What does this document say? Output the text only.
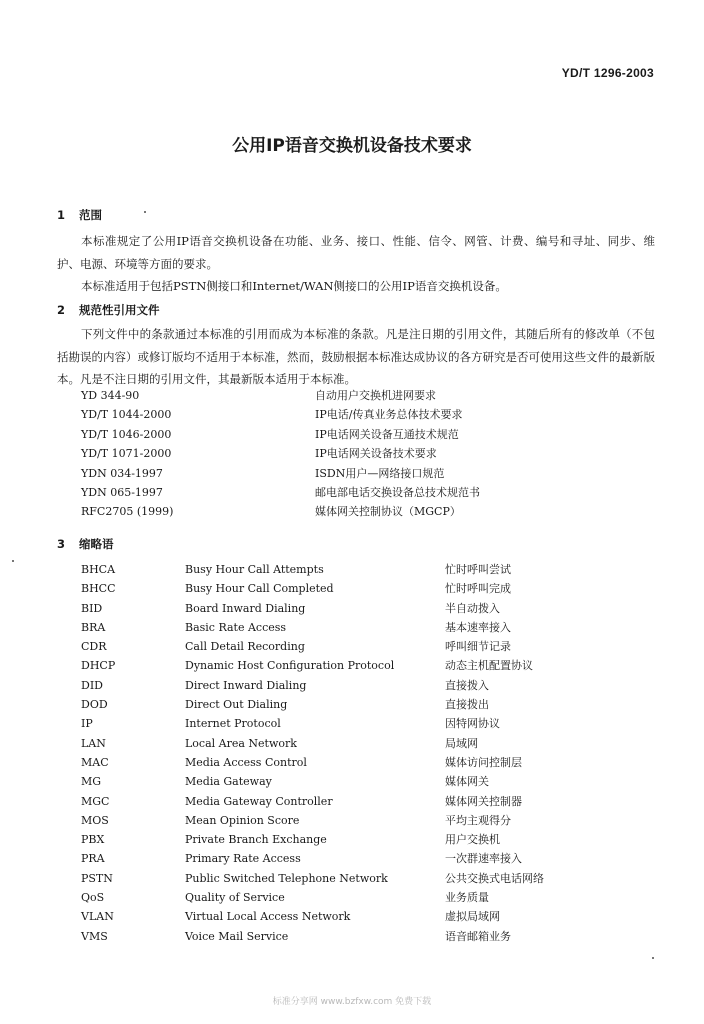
YD/T 1296-2003
公用IP语音交换机设备技术要求
1 范围

本标准规定了公用IP语音交换机设备在功能、业务、接口、性能、信令、网管、计费、编号和寻址、同步、维护、电源、环境等方面的要求。

本标准适用于包括PSTN侧接口和Internet/WAN侧接口的公用IP语音交换机设备。

2 规范性引用文件

下列文件中的条款通过本标准的引用而成为本标准的条款。凡是注日期的引用文件，其随后所有的修改单（不包括勘误的内容）或修订版均不适用于本标准，然而，鼓励根据本标准达成协议的各方研究是否可使用这些文件的最新版本。凡是不注日期的引用文件，其最新版本适用于本标准。

YD 344-90	自动用户交换机进网要求
YD/T 1044-2000	IP电话/传真业务总体技术要求
YD/T 1046-2000	IP电话网关设备互通技术规范
YD/T 1071-2000	IP电话网关设备技术要求
YDN 034-1997	ISDN用户—网络接口规范
YDN 065-1997	邮电部电话交换设备总技术规范书
RFC2705 (1999)	媒体网关控制协议（MGCP）
3 缩略语
BHCA	Busy Hour Call Attempts	忙时呼叫尝试
BHCC	Busy Hour Call Completed	忙时呼叫完成
BID	Board Inward Dialing	半自动拨入
BRA	Basic Rate Access	基本速率接入
CDR	Call Detail Recording	呼叫细节记录
DHCP	Dynamic Host Configuration Protocol	动态主机配置协议
DID	Direct Inward Dialing	直接拨入
DOD	Direct Out Dialing	直接拨出
IP	Internet Protocol	因特网协议
LAN	Local Area Network	局域网
MAC	Media Access Control	媒体访问控制层
MG	Media Gateway	媒体网关
MGC	Media Gateway Controller	媒体网关控制器
MOS	Mean Opinion Score	平均主观得分
PBX	Private Branch Exchange	用户交换机
PRA	Primary Rate Access	一次群速率接入
PSTN	Public Switched Telephone Network	公共交换式电话网络
QoS	Quality of Service	业务质量
VLAN	Virtual Local Access Network	虚拟局域网
VMS	Voice Mail Service	语音邮箱业务
标准分享网 www.bzfxw.com 免费下载
